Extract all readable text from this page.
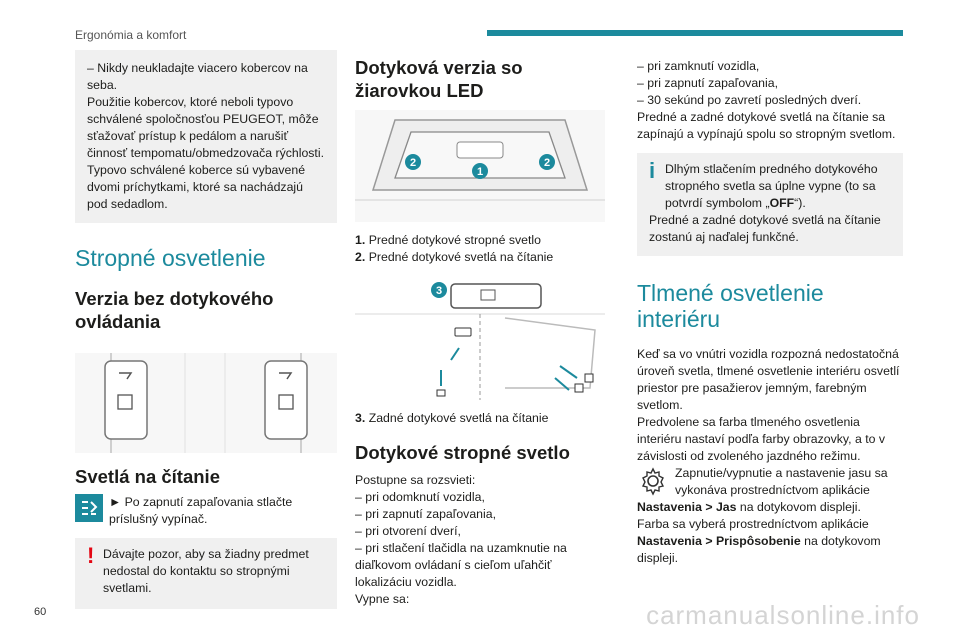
Ergonómia a komfort

– Nikdy neukladajte viacero kobercov na seba.

Použitie kobercov, ktoré neboli typovo schválené spoločnosťou PEUGEOT, môže sťažovať prístup k pedálom a narušiť činnosť tempomatu/obmedzovača rýchlosti.

Typovo schválené koberce sú vybavené dvomi príchytkami, ktoré sa nachádzajú pod sedadlom.

Stropné osvetlenie
Verzia bez dotykového ovládania
Svetlá na čítanie

► Po zapnutí zapaľovania stlačte príslušný vypínač.

! Dávajte pozor, aby sa žiadny predmet nedostal do kontaktu so stropnými svetlami.

Dotyková verzia so žiarovkou LED
2
1
2
1. Predné dotykové stropné svetlo
2. Predné dotykové svetlá na čítanie
3
3. Zadné dotykové svetlá na čítanie
Dotykové stropné svetlo

Postupne sa rozsvieti:

– pri odomknutí vozidla,

– pri zapnutí zapaľovania,

– pri otvorení dverí,

– pri stlačení tlačidla na uzamknutie na diaľkovom ovládaní s cieľom uľahčiť lokalizáciu vozidla.

Vypne sa:

– pri zamknutí vozidla,

– pri zapnutí zapaľovania,

– 30 sekúnd po zavretí posledných dverí.

Predné a zadné dotykové svetlá na čítanie sa zapínajú a vypínajú spolu so stropným svetlom.

i Dlhým stlačením predného dotykového stropného svetla sa úplne vypne (to sa potvrdí symbolom „OFF“).

Predné a zadné dotykové svetlá na čítanie zostanú aj naďalej funkčné.

Tlmené osvetlenie interiéru

Keď sa vo vnútri vozidla rozpozná nedostatočná úroveň svetla, tlmené osvetlenie interiéru osvetlí priestor pre pasažierov jemným, farebným svetlom.

Predvolene sa farba tlmeného osvetlenia interiéru nastaví podľa farby obrazovky, a to v závislosti od zvoleného jazdného režimu.

Zapnutie/vypnutie a nastavenie jasu sa vykonáva prostredníctvom aplikácie

Nastavenia > Jas na dotykovom displeji.

Farba sa vyberá prostredníctvom aplikácie

Nastavenia > Prispôsobenie na dotykovom displeji.

60	carmanualsonline.info
